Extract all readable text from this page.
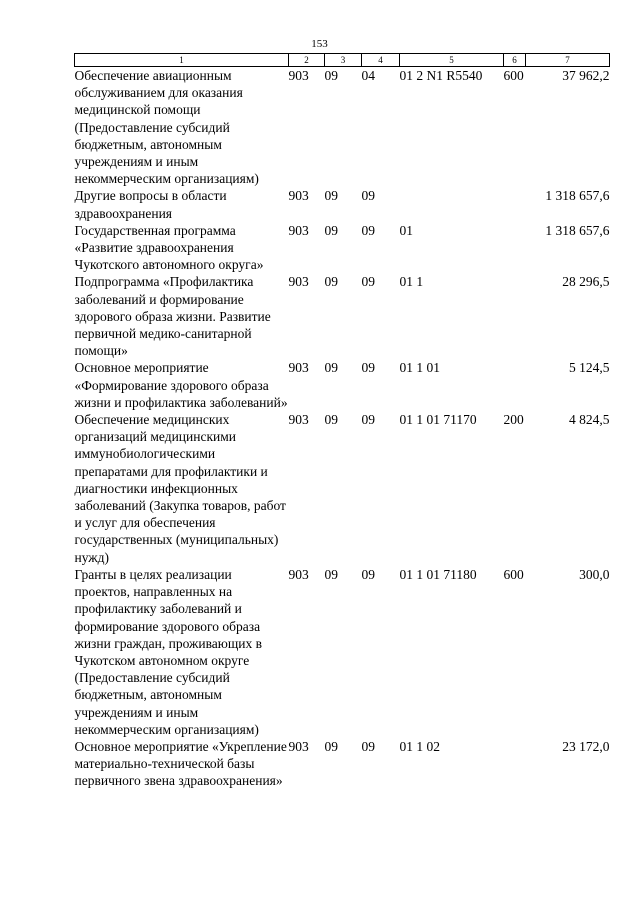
153
1	2	3	4	5	6	7
Обеспечение авиационным обслуживанием для оказания медицинской помощи (Предоставление субсидий бюджетным, автономным учреждениям и иным некоммерческим организациям)	903	09	04	01 2 N1 R5540	600	37 962,2
Другие вопросы в области здравоохранения	903	09	09			1 318 657,6
Государственная программа «Развитие здравоохранения Чукотского автономного округа»	903	09	09	01		1 318 657,6
Подпрограмма «Профилактика заболеваний и формирование здорового образа жизни. Развитие первичной медико-санитарной помощи»	903	09	09	01 1		28 296,5
Основное мероприятие «Формирование здорового образа жизни и профилактика заболеваний»	903	09	09	01 1 01		5 124,5
Обеспечение медицинских организаций медицинскими иммунобиологическими препаратами для профилактики и диагностики инфекционных заболеваний (Закупка товаров, работ и услуг для обеспечения государственных (муниципальных) нужд)	903	09	09	01 1 01 71170	200	4 824,5
Гранты в целях реализации проектов, направленных на профилактику заболеваний и формирование здорового образа жизни граждан, проживающих в Чукотском автономном округе (Предоставление субсидий бюджетным, автономным учреждениям и иным некоммерческим организациям)	903	09	09	01 1 01 71180	600	300,0
Основное мероприятие «Укрепление материально-технической базы первичного звена здравоохранения»	903	09	09	01 1 02		23 172,0
